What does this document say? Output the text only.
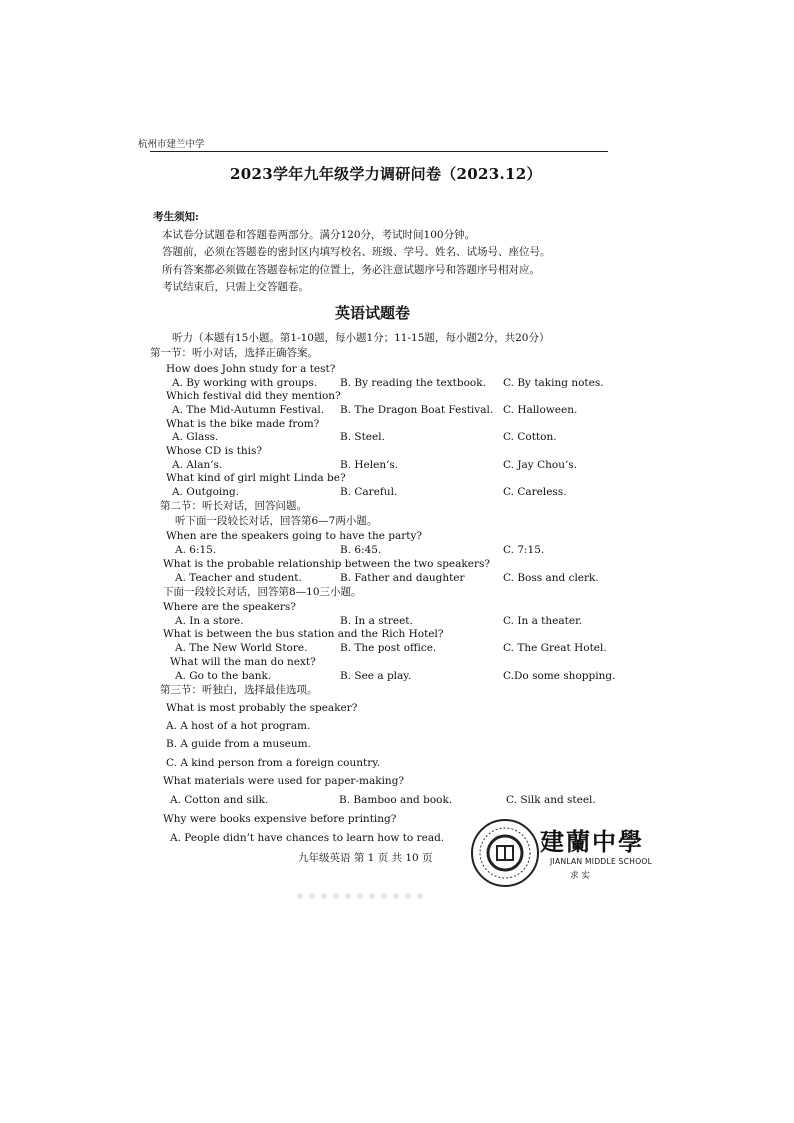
杭州市建兰中学
2023学年九年级学力调研问卷（2023.12）
考生须知:
本试卷分试题卷和答题卷两部分。满分120分，考试时间100分钟。
答题前，必须在答题卷的密封区内填写校名、班级、学号、姓名、试场号、座位号。
所有答案都必须做在答题卷标定的位置上，务必注意试题序号和答题序号相对应。
考试结束后，只需上交答题卷。
英语试题卷
听力（本题有15小题。第1-10题，每小题1分；11-15题，每小题2分，共20分）
第一节：听小对话，选择正确答案。
How does John study for a test?
A. By working with groups. B. By reading the textbook. C. By taking notes.
Which festival did they mention?
A. The Mid-Autumn Festival. B. The Dragon Boat Festival. C. Halloween.
What is the bike made from?
A. Glass.	B. Steel.	C. Cotton.
Whose CD is this?
A. Alan’s.	B. Helen’s.	C. Jay Chou’s.
What kind of girl might Linda be?
A. Outgoing.	B. Careful.	C. Careless.
第二节：听长对话，回答问题。
听下面一段较长对话，回答第6—7两小题。
When are the speakers going to have the party?
A. 6:15.	B. 6:45.	C. 7:15.
What is the probable relationship between the two speakers?
A. Teacher and student.	B. Father and daughter	C. Boss and clerk.
下面一段较长对话，回答第8—10三小题。
Where are the speakers?
A. In a store.	B. In a street.	C. In a theater.
What is between the bus station and the Rich Hotel?
A. The New World Store.	B. The post office.	C. The Great Hotel.
What will the man do next?
A. Go to the bank.	B. See a play.	C.Do some shopping.
第三节：听独白，选择最佳选项。
What is most probably the speaker?
A. A host of a hot program.
B. A guide from a museum.
C. A kind person from a foreign country.
What materials were used for paper-making?
A. Cotton and silk.	B. Bamboo and book.	C. Silk and steel.
Why were books expensive before printing?
A. People didn’t have chances to learn how to read.
九年级英语 第 1 页 共 10 页
建蘭中學
JIANLAN MIDDLE SCHOOL
求 实
